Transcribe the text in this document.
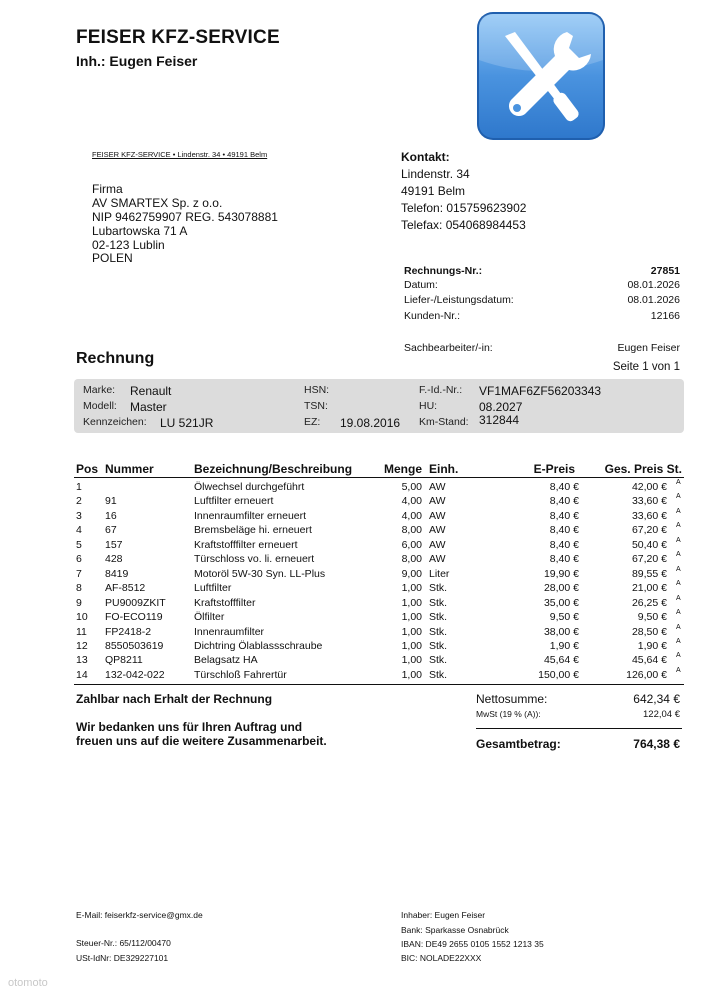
FEISER KFZ-SERVICE
Inh.: Eugen Feiser
FEISER KFZ-SERVICE • Lindenstr. 34 • 49191 Belm
Firma
AV SMARTEX Sp. z o.o.
NIP 9462759907 REG. 543078881
Lubartowska 71 A
02-123 Lublin
POLEN
Kontakt:
Lindenstr. 34
49191 Belm
Telefon: 015759623902
Telefax: 054068984453
Rechnungs-Nr.:	27851
Datum:	08.01.2026
Liefer-/Leistungsdatum:	08.01.2026
Kunden-Nr.:	12166
Sachbearbeiter/-in:	Eugen Feiser
Seite 1 von 1
Rechnung
Marke: Renault
Modell: Master
Kennzeichen: LU 521JR
HSN:
TSN:
EZ: 19.08.2016
F.-Id.-Nr.: VF1MAF6ZF56203343
HU:	08.2027
Km-Stand: 312844
Pos Nummer	Bezeichnung/Beschreibung	Menge Einh.	E-Preis Ges. Preis St.
1	Ölwechsel durchgeführt	5,00 AW	8,40 €	42,00 € A
2 91	Luftfilter erneuert	4,00 AW	8,40 €	33,60 € A
3 16	Innenraumfilter erneuert	4,00 AW	8,40 €	33,60 € A
4 67	Bremsbeläge hi. erneuert	8,00 AW	8,40 €	67,20 € A
5 157	Kraftstofffilter erneuert	6,00 AW	8,40 €	50,40 € A
6 428	Türschloss vo. li. erneuert	8,00 AW	8,40 €	67,20 € A
7 8419	Motoröl 5W-30 Syn. LL-Plus	9,00 Liter	19,90 €	89,55 € A
8 AF-8512	Luftfilter	1,00 Stk.	28,00 €	21,00 € A
9 PU9009ZKIT	Kraftstofffilter	1,00 Stk.	35,00 €	26,25 € A
10 FO-ECO119	Ölfilter	1,00 Stk.	9,50 €	9,50 € A
11 FP2418-2	Innenraumfilter	1,00 Stk.	38,00 €	28,50 € A
12 8550503619	Dichtring Ölablassschraube	1,00 Stk.	1,90 €	1,90 € A
13 QP8211	Belagsatz HA	1,00 Stk.	45,64 €	45,64 € A
14 132-042-022	Türschloß Fahrertür	1,00 Stk.	150,00 €	126,00 € A
Zahlbar nach Erhalt der Rechnung
Wir bedanken uns für Ihren Auftrag und
freuen uns auf die weitere Zusammenarbeit.
Nettosumme:	642,34 €
MwSt (19 % (A)):	122,04 €
Gesamtbetrag:	764,38 €
E-Mail: feiserkfz-service@gmx.de
Steuer-Nr.: 65/112/00470
USt-IdNr: DE329227101
Inhaber: Eugen Feiser
Bank: Sparkasse Osnabrück
IBAN: DE49 2655 0105 1552 1213 35
BIC: NOLADE22XXX
otomoto
